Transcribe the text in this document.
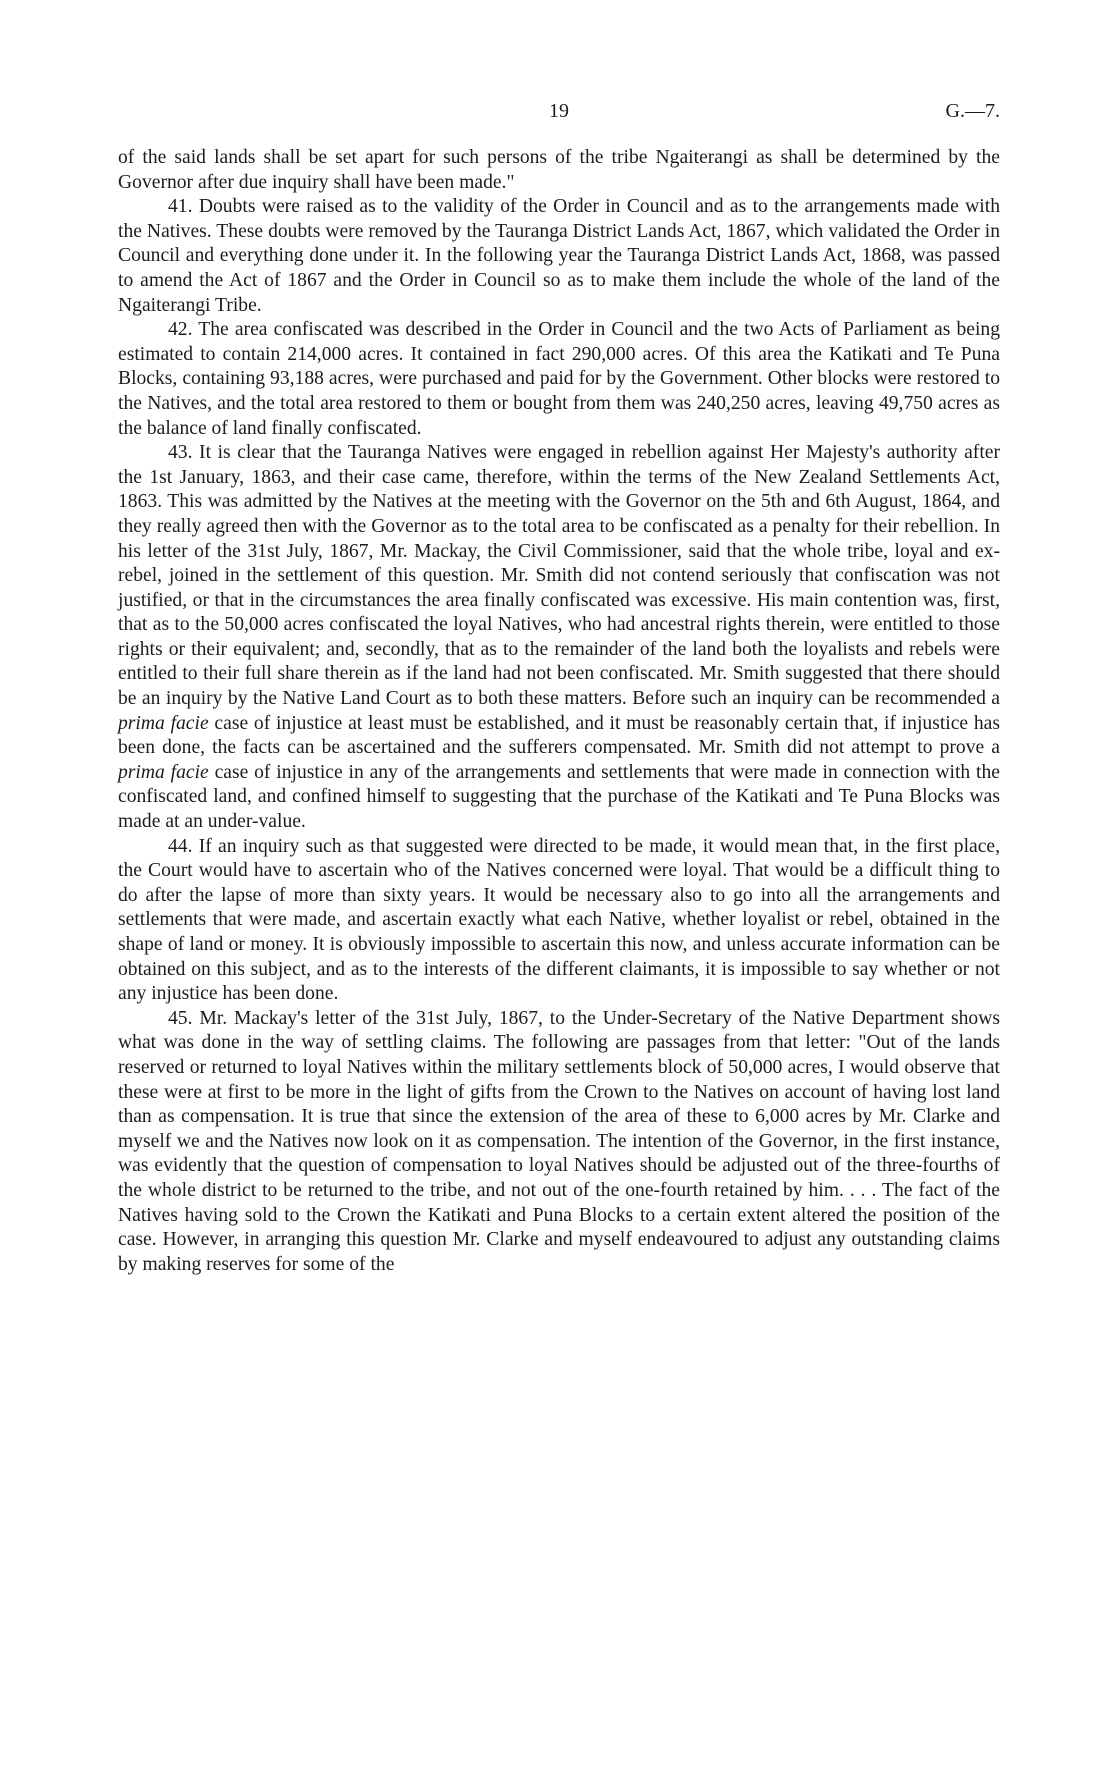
19	G.—7.

of the said lands shall be set apart for such persons of the tribe Ngaiterangi as shall be determined by the Governor after due inquiry shall have been made."

41. Doubts were raised as to the validity of the Order in Council and as to the arrangements made with the Natives. These doubts were removed by the Tauranga District Lands Act, 1867, which validated the Order in Council and everything done under it. In the following year the Tauranga District Lands Act, 1868, was passed to amend the Act of 1867 and the Order in Council so as to make them include the whole of the land of the Ngaiterangi Tribe.

42. The area confiscated was described in the Order in Council and the two Acts of Parliament as being estimated to contain 214,000 acres. It contained in fact 290,000 acres. Of this area the Katikati and Te Puna Blocks, containing 93,188 acres, were purchased and paid for by the Government. Other blocks were restored to the Natives, and the total area restored to them or bought from them was 240,250 acres, leaving 49,750 acres as the balance of land finally confiscated.

43. It is clear that the Tauranga Natives were engaged in rebellion against Her Majesty's authority after the 1st January, 1863, and their case came, therefore, within the terms of the New Zealand Settlements Act, 1863. This was admitted by the Natives at the meeting with the Governor on the 5th and 6th August, 1864, and they really agreed then with the Governor as to the total area to be confiscated as a penalty for their rebellion. In his letter of the 31st July, 1867, Mr. Mackay, the Civil Commissioner, said that the whole tribe, loyal and ex-rebel, joined in the settlement of this question. Mr. Smith did not contend seriously that confiscation was not justified, or that in the circumstances the area finally confiscated was excessive. His main contention was, first, that as to the 50,000 acres confiscated the loyal Natives, who had ancestral rights therein, were entitled to those rights or their equivalent; and, secondly, that as to the remainder of the land both the loyalists and rebels were entitled to their full share therein as if the land had not been confiscated. Mr. Smith suggested that there should be an inquiry by the Native Land Court as to both these matters. Before such an inquiry can be recommended a prima facie case of injustice at least must be established, and it must be reasonably certain that, if injustice has been done, the facts can be ascertained and the sufferers compensated. Mr. Smith did not attempt to prove a prima facie case of injustice in any of the arrangements and settlements that were made in connection with the confiscated land, and confined himself to suggesting that the purchase of the Katikati and Te Puna Blocks was made at an under-value.

44. If an inquiry such as that suggested were directed to be made, it would mean that, in the first place, the Court would have to ascertain who of the Natives concerned were loyal. That would be a difficult thing to do after the lapse of more than sixty years. It would be necessary also to go into all the arrangements and settlements that were made, and ascertain exactly what each Native, whether loyalist or rebel, obtained in the shape of land or money. It is obviously impossible to ascertain this now, and unless accurate information can be obtained on this subject, and as to the interests of the different claimants, it is impossible to say whether or not any injustice has been done.

45. Mr. Mackay's letter of the 31st July, 1867, to the Under-Secretary of the Native Department shows what was done in the way of settling claims. The following are passages from that letter: "Out of the lands reserved or returned to loyal Natives within the military settlements block of 50,000 acres, I would observe that these were at first to be more in the light of gifts from the Crown to the Natives on account of having lost land than as compensation. It is true that since the extension of the area of these to 6,000 acres by Mr. Clarke and myself we and the Natives now look on it as compensation. The intention of the Governor, in the first instance, was evidently that the question of compensation to loyal Natives should be adjusted out of the three-fourths of the whole district to be returned to the tribe, and not out of the one-fourth retained by him. . . . The fact of the Natives having sold to the Crown the Katikati and Puna Blocks to a certain extent altered the position of the case. However, in arranging this question Mr. Clarke and myself endeavoured to adjust any outstanding claims by making reserves for some of the
